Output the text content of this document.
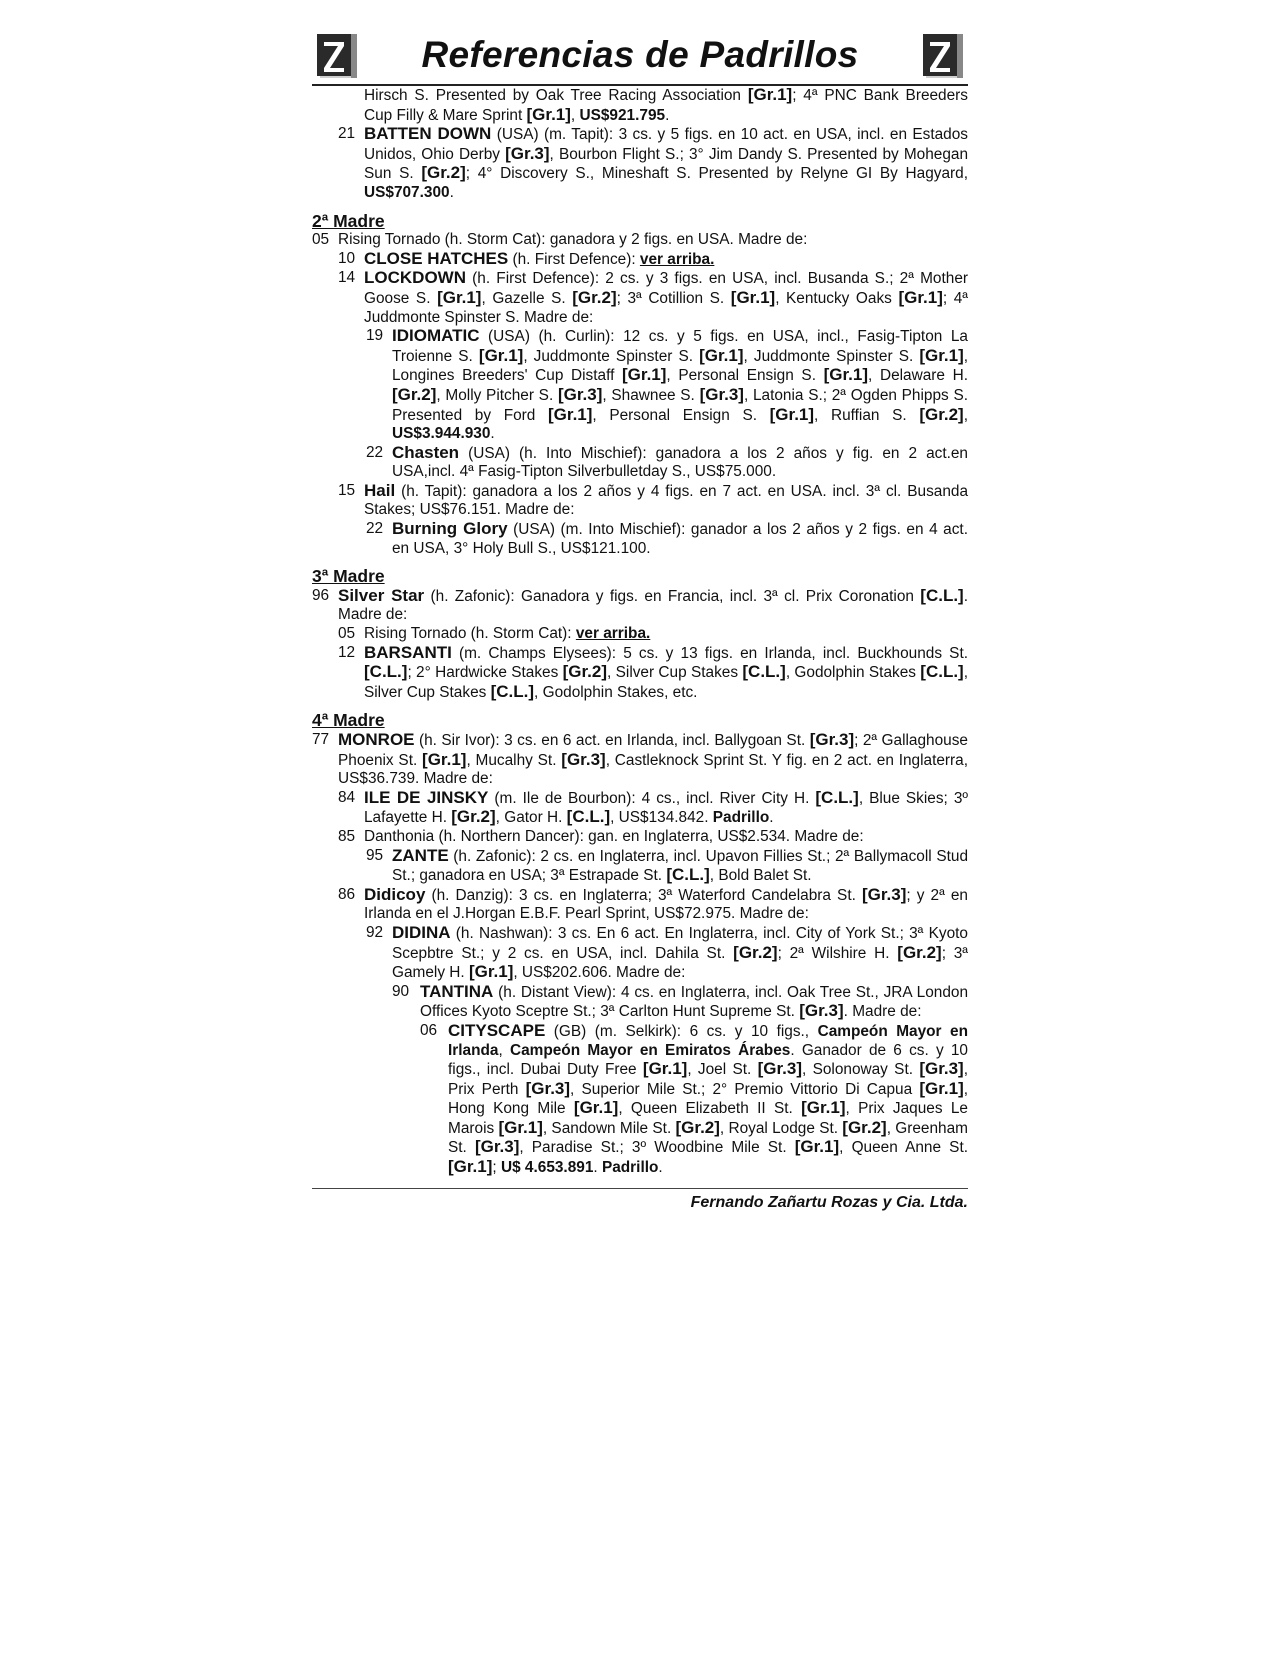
Referencias de Padrillos
Hirsch S. Presented by Oak Tree Racing Association [Gr.1]; 4ª PNC Bank Breeders Cup Filly & Mare Sprint [Gr.1], US$921.795.
21 BATTEN DOWN (USA) (m. Tapit): 3 cs. y 5 figs. en 10 act. en USA, incl. en Estados Unidos, Ohio Derby [Gr.3], Bourbon Flight S.; 3° Jim Dandy S. Presented by Mohegan Sun S. [Gr.2]; 4° Discovery S., Mineshaft S. Presented by Relyne GI By Hagyard, US$707.300.
2ª Madre
05 Rising Tornado (h. Storm Cat): ganadora y 2 figs. en USA. Madre de:
10 CLOSE HATCHES (h. First Defence): ver arriba.
14 LOCKDOWN (h. First Defence): 2 cs. y 3 figs. en USA, incl. Busanda S.; 2ª Mother Goose S. [Gr.1], Gazelle S. [Gr.2]; 3ª Cotillion S. [Gr.1], Kentucky Oaks [Gr.1]; 4ª Juddmonte Spinster S. Madre de:
19 IDIOMATIC (USA) (h. Curlin): 12 cs. y 5 figs. en USA, incl., Fasig-Tipton La Troienne S. [Gr.1], Juddmonte Spinster S. [Gr.1], Juddmonte Spinster S. [Gr.1], Longines Breeders' Cup Distaff [Gr.1], Personal Ensign S. [Gr.1], Delaware H. [Gr.2], Molly Pitcher S. [Gr.3], Shawnee S. [Gr.3], Latonia S.; 2ª Ogden Phipps S. Presented by Ford [Gr.1], Personal Ensign S. [Gr.1], Ruffian S. [Gr.2], US$3.944.930.
22 Chasten (USA) (h. Into Mischief): ganadora a los 2 años y fig. en 2 act.en USA,incl. 4ª Fasig-Tipton Silverbulletday S., US$75.000.
15 Hail (h. Tapit): ganadora a los 2 años y 4 figs. en 7 act. en USA. incl. 3ª cl. Busanda Stakes; US$76.151. Madre de:
22 Burning Glory (USA) (m. Into Mischief): ganador a los 2 años y 2 figs. en 4 act. en USA, 3° Holy Bull S., US$121.100.
3ª Madre
96 Silver Star (h. Zafonic): Ganadora y figs. en Francia, incl. 3ª cl. Prix Coronation [C.L.]. Madre de:
05 Rising Tornado (h. Storm Cat): ver arriba.
12 BARSANTI (m. Champs Elysees): 5 cs. y 13 figs. en Irlanda, incl. Buckhounds St. [C.L.]; 2° Hardwicke Stakes [Gr.2], Silver Cup Stakes [C.L.], Godolphin Stakes [C.L.], Silver Cup Stakes [C.L.], Godolphin Stakes, etc.
4ª Madre
77 MONROE (h. Sir Ivor): 3 cs. en 6 act. en Irlanda, incl. Ballygoan St. [Gr.3]; 2ª Gallaghouse Phoenix St. [Gr.1], Mucalhy St. [Gr.3], Castleknock Sprint St. Y fig. en 2 act. en Inglaterra, US$36.739. Madre de:
84 ILE DE JINSKY (m. Ile de Bourbon): 4 cs., incl. River City H. [C.L.], Blue Skies; 3º Lafayette H. [Gr.2], Gator H. [C.L.], US$134.842. Padrillo.
85 Danthonia (h. Northern Dancer): gan. en Inglaterra, US$2.534. Madre de:
95 ZANTE (h. Zafonic): 2 cs. en Inglaterra, incl. Upavon Fillies St.; 2ª Ballymacoll Stud St.; ganadora en USA; 3ª Estrapade St. [C.L.], Bold Balet St.
86 Didicoy (h. Danzig): 3 cs. en Inglaterra; 3ª Waterford Candelabra St. [Gr.3]; y 2ª en Irlanda en el J.Horgan E.B.F. Pearl Sprint, US$72.975. Madre de:
92 DIDINA (h. Nashwan): 3 cs. En 6 act. En Inglaterra, incl. City of York St.; 3ª Kyoto Scepbtre St.; y 2 cs. en USA, incl. Dahila St. [Gr.2]; 2ª Wilshire H. [Gr.2]; 3ª Gamely H. [Gr.1], US$202.606. Madre de:
90 TANTINA (h. Distant View): 4 cs. en Inglaterra, incl. Oak Tree St., JRA London Offices Kyoto Sceptre St.; 3ª Carlton Hunt Supreme St. [Gr.3]. Madre de:
06 CITYSCAPE (GB) (m. Selkirk): 6 cs. y 10 figs., Campeón Mayor en Irlanda, Campeón Mayor en Emiratos Árabes. Ganador de 6 cs. y 10 figs., incl. Dubai Duty Free [Gr.1], Joel St. [Gr.3], Solonoway St. [Gr.3], Prix Perth [Gr.3], Superior Mile St.; 2° Premio Vittorio Di Capua [Gr.1], Hong Kong Mile [Gr.1], Queen Elizabeth II St. [Gr.1], Prix Jaques Le Marois [Gr.1], Sandown Mile St. [Gr.2], Royal Lodge St. [Gr.2], Greenham St. [Gr.3], Paradise St.; 3º Woodbine Mile St. [Gr.1], Queen Anne St. [Gr.1]; U$ 4.653.891. Padrillo.
Fernando Zañartu Rozas y Cia. Ltda.
